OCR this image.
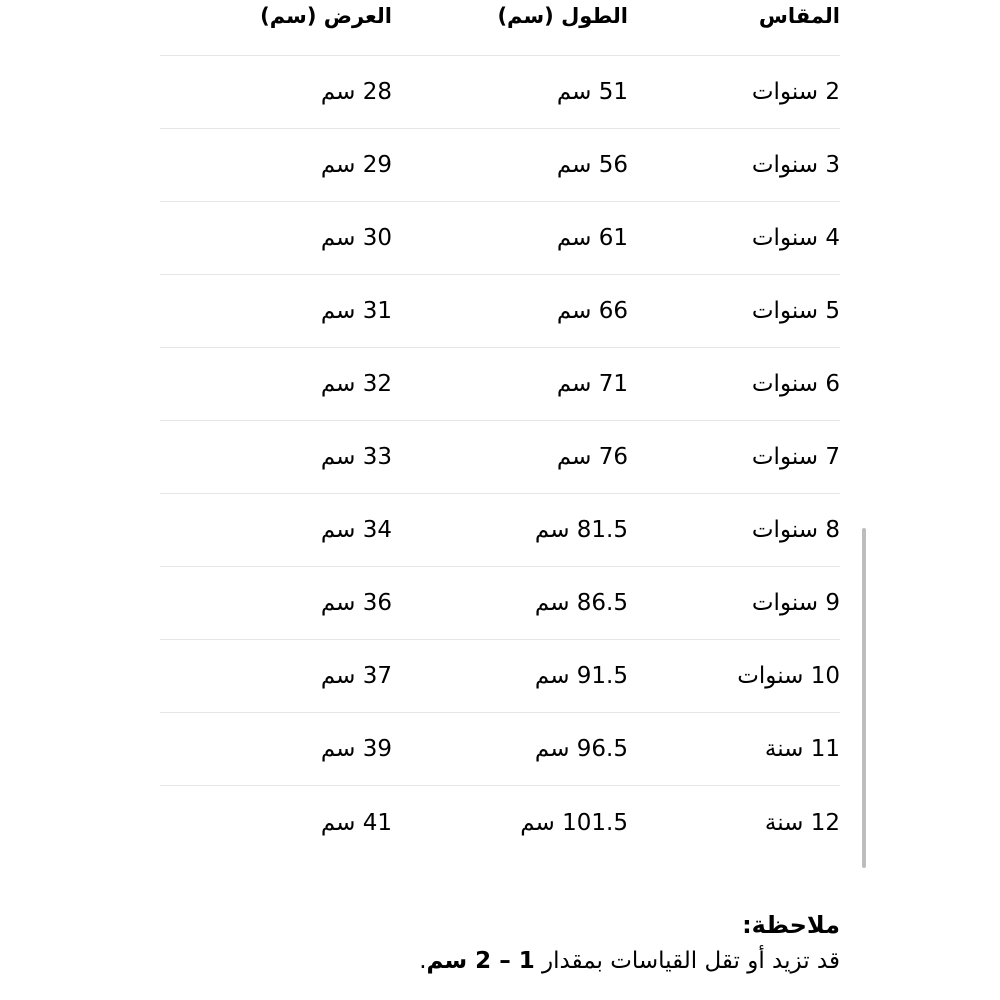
المقاس
الطول (سم)
العرض (سم)
2 سنوات
51 سم
28 سم
3 سنوات
56 سم
29 سم
4 سنوات
61 سم
30 سم
5 سنوات
66 سم
31 سم
6 سنوات
71 سم
32 سم
7 سنوات
76 سم
33 سم
8 سنوات
81.5 سم
34 سم
9 سنوات
86.5 سم
36 سم
10 سنوات
91.5 سم
37 سم
11 سنة
96.5 سم
39 سم
12 سنة
101.5 سم
41 سم
ملاحظة:
قد تزيد أو تقل القياسات بمقدار 1 – 2 سم.
